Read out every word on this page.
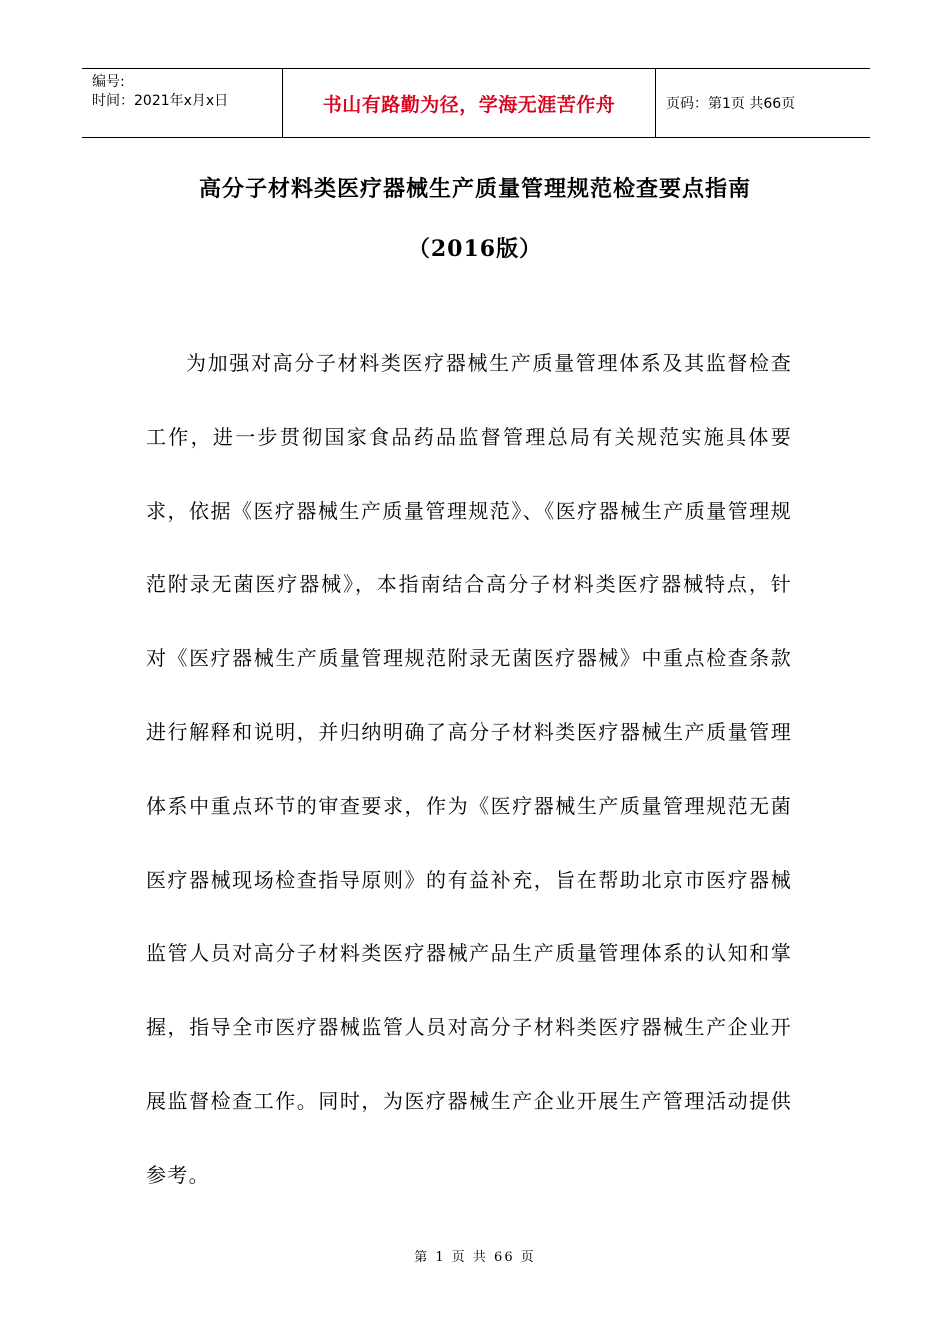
编号:
时间：2021年x月x日	书山有路勤为径，学海无涯苦作舟	页码：第1页 共66页
高分子材料类医疗器械生产质量管理规范检查要点指南
（2016版）

为加强对高分子材料类医疗器械生产质量管理体系及其监督检查工作，进一步贯彻国家食品药品监督管理总局有关规范实施具体要求，依据《医疗器械生产质量管理规范》、《医疗器械生产质量管理规范附录无菌医疗器械》，本指南结合高分子材料类医疗器械特点，针对《医疗器械生产质量管理规范附录无菌医疗器械》中重点检查条款进行解释和说明，并归纳明确了高分子材料类医疗器械生产质量管理体系中重点环节的审查要求，作为《医疗器械生产质量管理规范无菌医疗器械现场检查指导原则》的有益补充，旨在帮助北京市医疗器械监管人员对高分子材料类医疗器械产品生产质量管理体系的认知和掌握，指导全市医疗器械监管人员对高分子材料类医疗器械生产企业开展监督检查工作。同时，为医疗器械生产企业开展生产管理活动提供参考。

第 1 页 共 66 页
